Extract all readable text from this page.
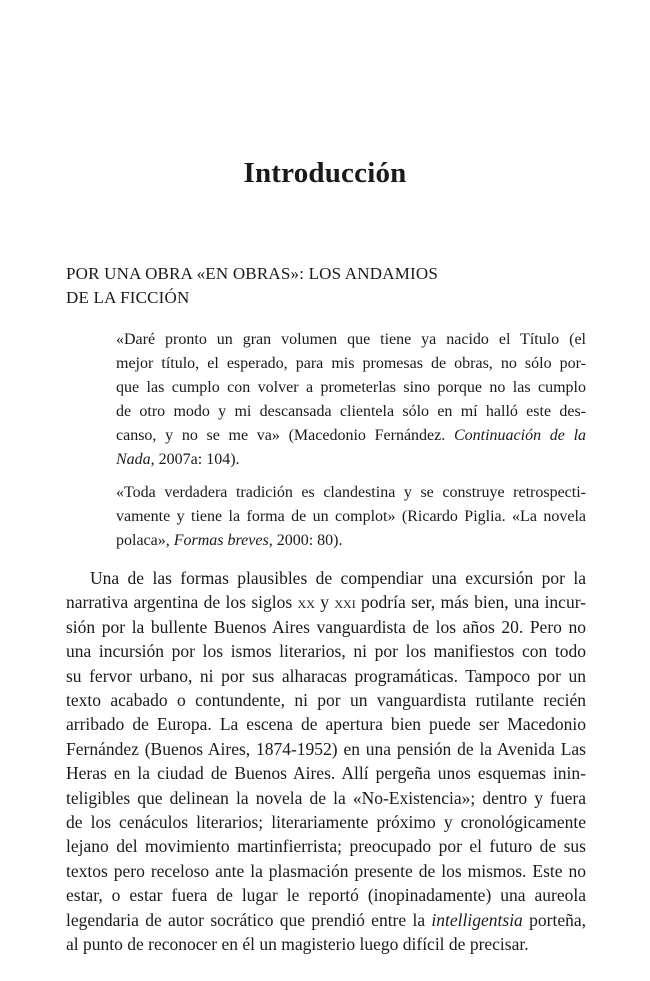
Introducción
POR UNA OBRA «EN OBRAS»: LOS ANDAMIOS
DE LA FICCIÓN
«Daré pronto un gran volumen que tiene ya nacido el Título (el
mejor título, el esperado, para mis promesas de obras, no sólo por-
que las cumplo con volver a prometerlas sino porque no las cumplo
de otro modo y mi descansada clientela sólo en mí halló este des-
canso, y no se me va» (Macedonio Fernández. Continuación de la
Nada, 2007a: 104).
«Toda verdadera tradición es clandestina y se construye retrospecti-
vamente y tiene la forma de un complot» (Ricardo Piglia. «La novela
polaca», Formas breves, 2000: 80).
Una de las formas plausibles de compendiar una excursión por la
narrativa argentina de los siglos xx y xxi podría ser, más bien, una incur-
sión por la bullente Buenos Aires vanguardista de los años 20. Pero no
una incursión por los ismos literarios, ni por los manifiestos con todo
su fervor urbano, ni por sus alharacas programáticas. Tampoco por un
texto acabado o contundente, ni por un vanguardista rutilante recién
arribado de Europa. La escena de apertura bien puede ser Macedonio
Fernández (Buenos Aires, 1874-1952) en una pensión de la Avenida Las
Heras en la ciudad de Buenos Aires. Allí pergeña unos esquemas inin-
teligibles que delinean la novela de la «No-Existencia»; dentro y fuera
de los cenáculos literarios; literariamente próximo y cronológicamente
lejano del movimiento martinfierrista; preocupado por el futuro de sus
textos pero receloso ante la plasmación presente de los mismos. Este no
estar, o estar fuera de lugar le reportó (inopinadamente) una aureola
legendaria de autor socrático que prendió entre la intelligentsia porteña,
al punto de reconocer en él un magisterio luego difícil de precisar.
